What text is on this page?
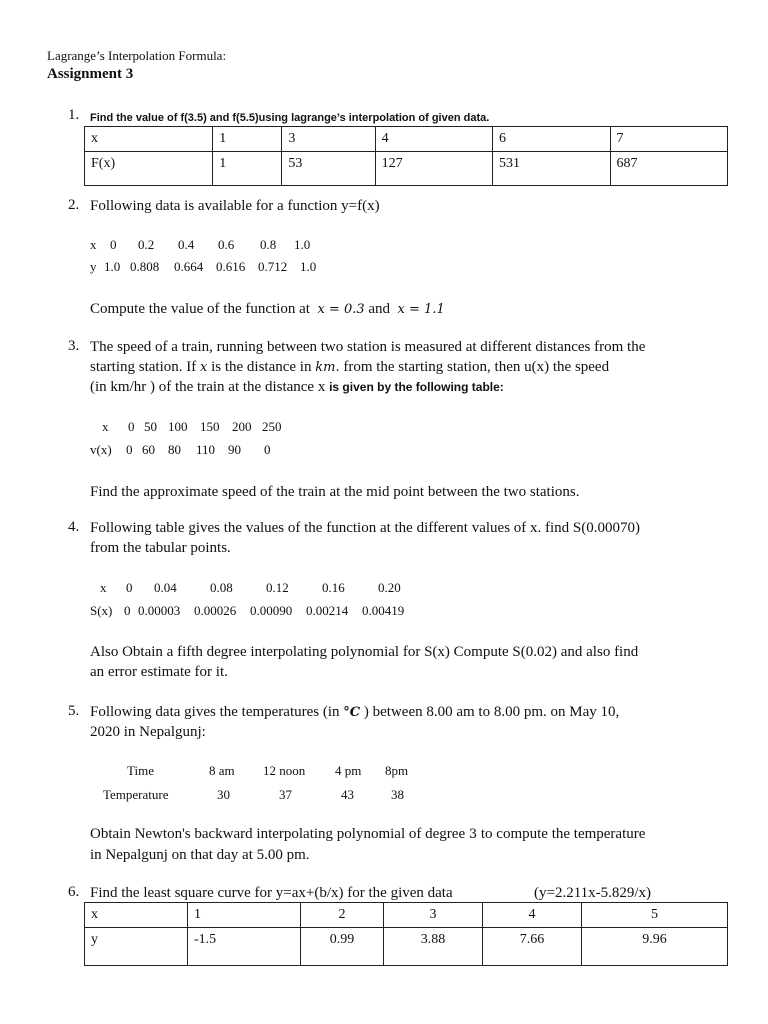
Lagrange’s Interpolation Formula:
Assignment 3
1. Find the value of f(3.5) and f(5.5)using lagrange’s interpolation of given data.
x	1	3	4	6	7
F(x)	1	53	127	531	687
2. Following data is available for a function y=f(x)
x 0 0.2 0.4 0.6 0.8 1.0
y 1.0 0.808 0.664 0.616 0.712 1.0
Compute the value of the function at x = 0.3 and x = 1.1
3. The speed of a train, running between two station is measured at different distances from the
starting station. If x is the distance in km. from the starting station, then u(x) the speed
(in km/hr ) of the train at the distance x is given by the following table:
x 0 50 100 150 200 250
v(x) 0 60 80 110 90 0
Find the approximate speed of the train at the mid point between the two stations.
4. Following table gives the values of the function at the different values of x. find S(0.00070)
from the tabular points.
x 0 0.04	0.08	0.12	0.16	0.20
S(x) 0 0.00003 0.00026 0.00090 0.00214 0.00419
Also Obtain a fifth degree interpolating polynomial for S(x) Compute S(0.02) and also find
an error estimate for it.
5. Following data gives the temperatures (in °C ) between 8.00 am to 8.00 pm. on May 10,
2020 in Nepalgunj:
Time	8 am 12 noon 4 pm 8pm
Temperature	30	37	43	38
Obtain Newton's backward interpolating polynomial of degree 3 to compute the temperature
in Nepalgunj on that day at 5.00 pm.
6. Find the least square curve for y=ax+(b/x) for the given data	(y=2.211x-5.829/x)
x	1	2	3	4	5
y	-1.5	0.99	3.88	7.66	9.96
